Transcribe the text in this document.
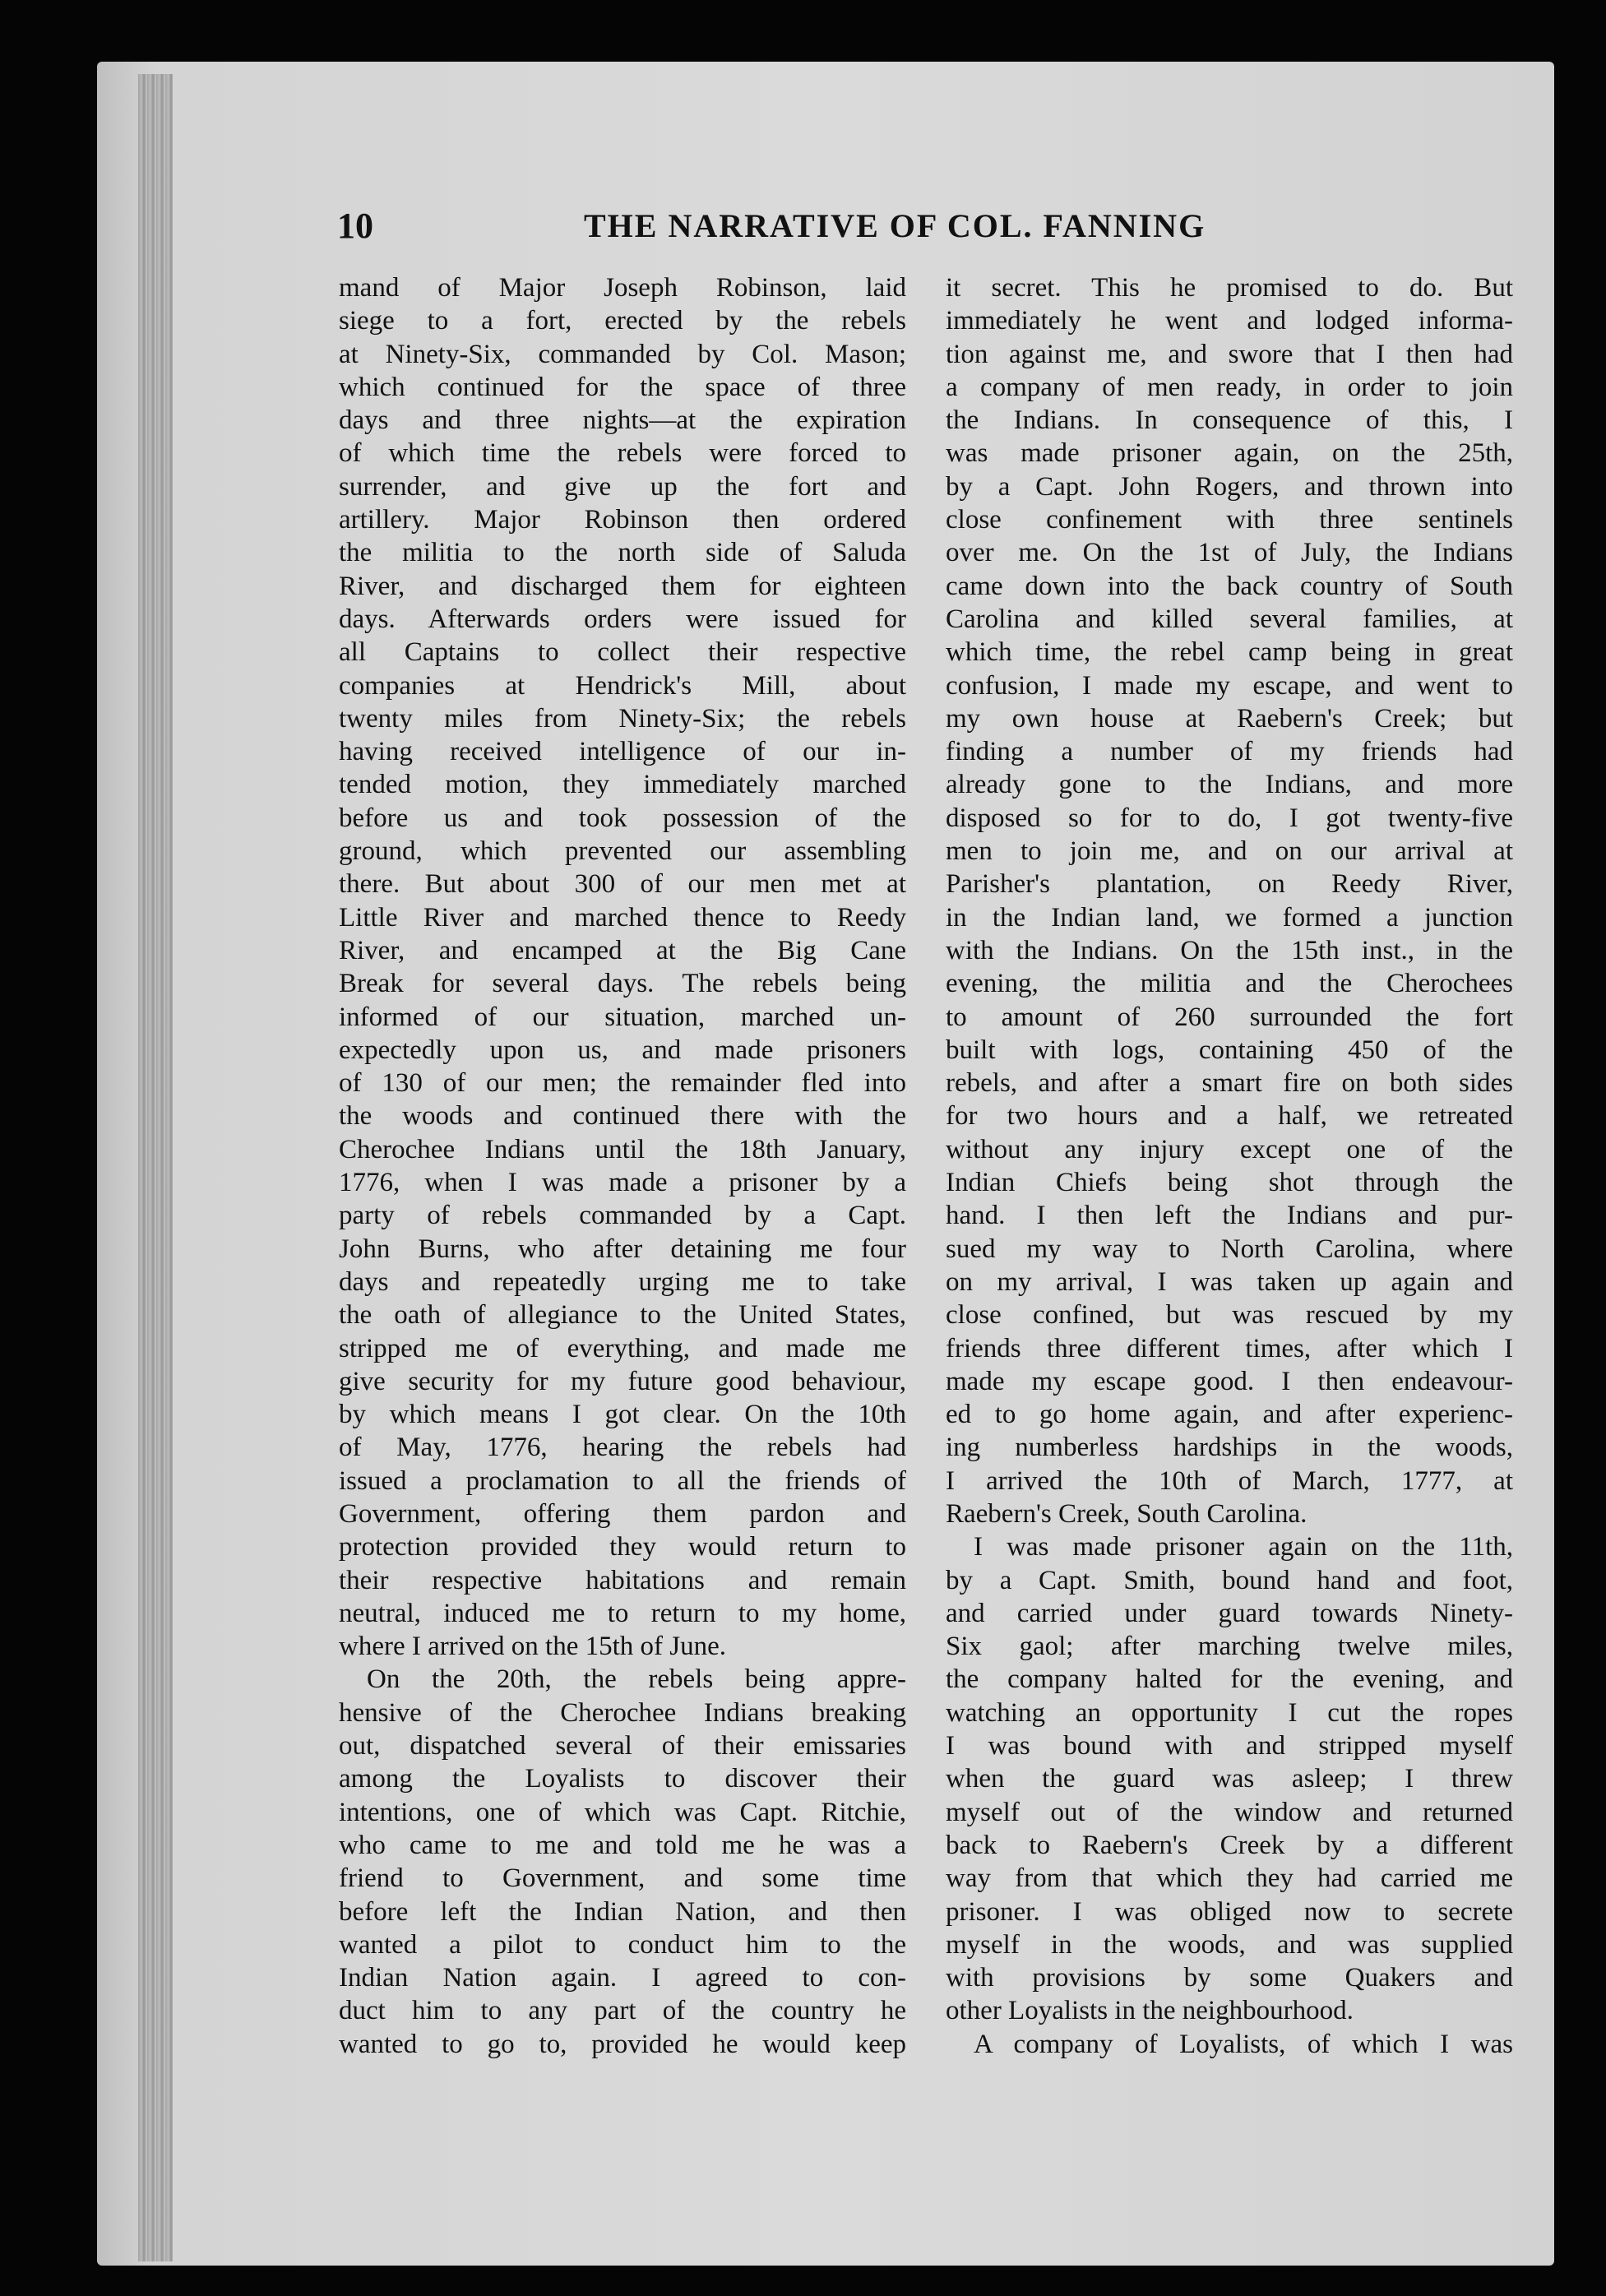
10	THE NARRATIVE OF COL. FANNING
mand of Major Joseph Robinson, laid
siege to a fort, erected by the rebels
at Ninety-Six, commanded by Col. Mason;
which continued for the space of three
days and three nights—at the expiration
of which time the rebels were forced to
surrender, and give up the fort and
artillery. Major Robinson then ordered
the militia to the north side of Saluda
River, and discharged them for eighteen
days. Afterwards orders were issued for
all Captains to collect their respective
companies at Hendrick's Mill, about
twenty miles from Ninety-Six; the rebels
having received intelligence of our in-
tended motion, they immediately marched
before us and took possession of the
ground, which prevented our assembling
there. But about 300 of our men met at
Little River and marched thence to Reedy
River, and encamped at the Big Cane
Break for several days. The rebels being
informed of our situation, marched un-
expectedly upon us, and made prisoners
of 130 of our men; the remainder fled into
the woods and continued there with the
Cherochee Indians until the 18th January,
1776, when I was made a prisoner by a
party of rebels commanded by a Capt.
John Burns, who after detaining me four
days and repeatedly urging me to take
the oath of allegiance to the United States,
stripped me of everything, and made me
give security for my future good behaviour,
by which means I got clear. On the 10th
of May, 1776, hearing the rebels had
issued a proclamation to all the friends of
Government, offering them pardon and
protection provided they would return to
their respective habitations and remain
neutral, induced me to return to my home,
where I arrived on the 15th of June.
On the 20th, the rebels being appre-
hensive of the Cherochee Indians breaking
out, dispatched several of their emissaries
among the Loyalists to discover their
intentions, one of which was Capt. Ritchie,
who came to me and told me he was a
friend to Government, and some time
before left the Indian Nation, and then
wanted a pilot to conduct him to the
Indian Nation again. I agreed to con-
duct him to any part of the country he
wanted to go to, provided he would keep
it secret. This he promised to do. But
immediately he went and lodged informa-
tion against me, and swore that I then had
a company of men ready, in order to join
the Indians. In consequence of this, I
was made prisoner again, on the 25th,
by a Capt. John Rogers, and thrown into
close confinement with three sentinels
over me. On the 1st of July, the Indians
came down into the back country of South
Carolina and killed several families, at
which time, the rebel camp being in great
confusion, I made my escape, and went to
my own house at Raebern's Creek; but
finding a number of my friends had
already gone to the Indians, and more
disposed so for to do, I got twenty-five
men to join me, and on our arrival at
Parisher's plantation, on Reedy River,
in the Indian land, we formed a junction
with the Indians. On the 15th inst., in the
evening, the militia and the Cherochees
to amount of 260 surrounded the fort
built with logs, containing 450 of the
rebels, and after a smart fire on both sides
for two hours and a half, we retreated
without any injury except one of the
Indian Chiefs being shot through the
hand. I then left the Indians and pur-
sued my way to North Carolina, where
on my arrival, I was taken up again and
close confined, but was rescued by my
friends three different times, after which I
made my escape good. I then endeavour-
ed to go home again, and after experienc-
ing numberless hardships in the woods,
I arrived the 10th of March, 1777, at
Raebern's Creek, South Carolina.
I was made prisoner again on the 11th,
by a Capt. Smith, bound hand and foot,
and carried under guard towards Ninety-
Six gaol; after marching twelve miles,
the company halted for the evening, and
watching an opportunity I cut the ropes
I was bound with and stripped myself
when the guard was asleep; I threw
myself out of the window and returned
back to Raebern's Creek by a different
way from that which they had carried me
prisoner. I was obliged now to secrete
myself in the woods, and was supplied
with provisions by some Quakers and
other Loyalists in the neighbourhood.
A company of Loyalists, of which I was
